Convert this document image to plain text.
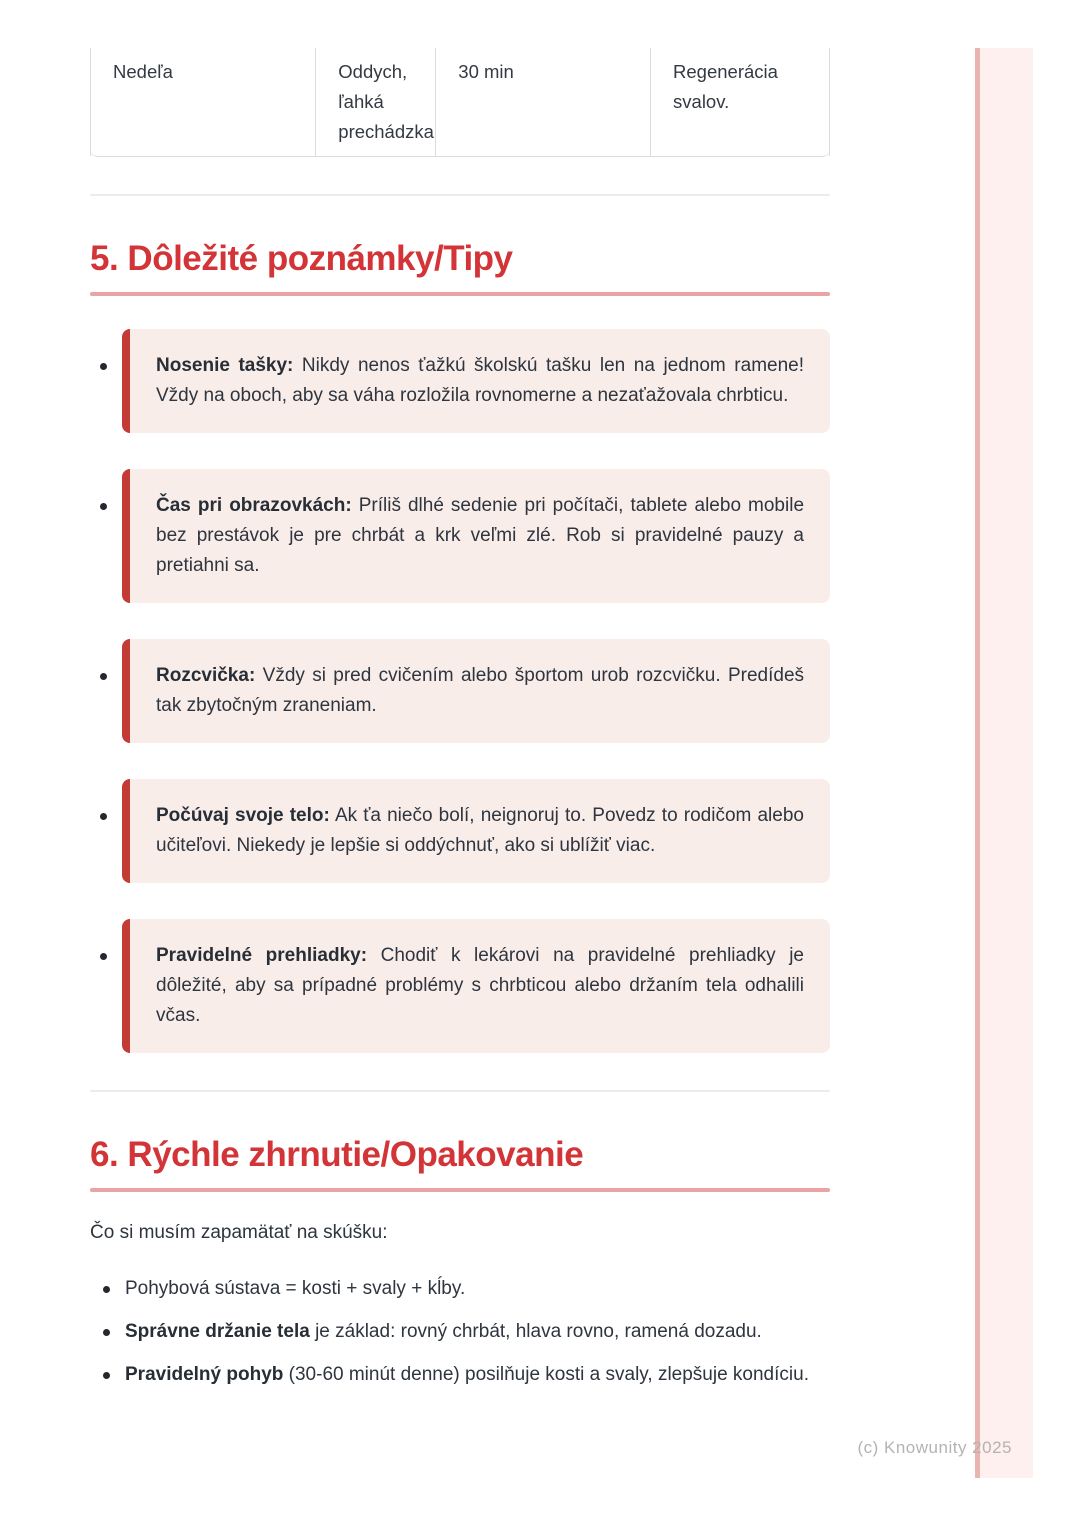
Nedeľa	Oddych, ľahká prechádzka
30 min	Regenerácia svalov.
5. Dôležité poznámky/Tipy
Nosenie tašky: Nikdy nenos ťažkú školskú tašku len na jednom ramene! Vždy na oboch, aby sa váha rozložila rovnomerne a nezaťažovala chrbticu.
Čas pri obrazovkách: Príliš dlhé sedenie pri počítači, tablete alebo mobile bez prestávok je pre chrbát a krk veľmi zlé. Rob si pravidelné pauzy a pretiahni sa.
Rozcvička: Vždy si pred cvičením alebo športom urob rozcvičku. Predídeš tak zbytočným zraneniam.
Počúvaj svoje telo: Ak ťa niečo bolí, neignoruj to. Povedz to rodičom alebo učiteľovi. Niekedy je lepšie si oddýchnuť, ako si ublížiť viac.
Pravidelné prehliadky: Chodiť k lekárovi na pravidelné prehliadky je dôležité, aby sa prípadné problémy s chrbticou alebo držaním tela odhalili včas.
6. Rýchle zhrnutie/Opakovanie

Čo si musím zapamätať na skúšku:

Pohybová sústava = kosti + svaly + kĺby.
Správne držanie tela je základ: rovný chrbát, hlava rovno, ramená dozadu.
Pravidelný pohyb (30-60 minút denne) posilňuje kosti a svaly, zlepšuje kondíciu.
(c) Knowunity 2025
